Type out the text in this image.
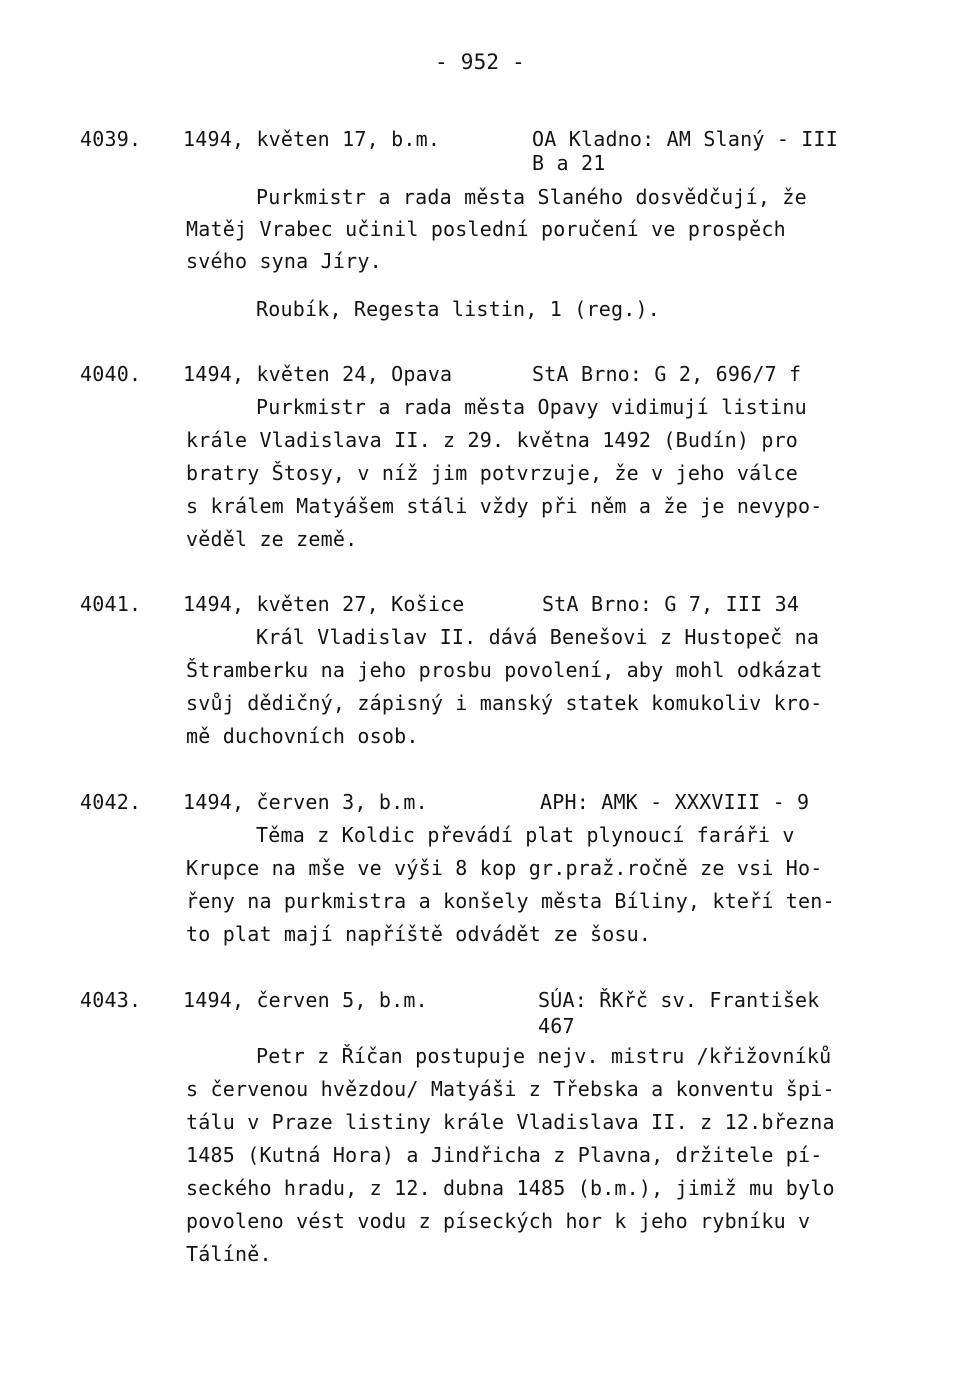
- 952 -
4039. 1494, květen 17, b.m.	OA Kladno: AM Slaný - III
B a 21
Purkmistr a rada města Slaného dosvědčují, že
Matěj Vrabec učinil poslední poručení ve prospěch
svého syna Jíry.
Roubík, Regesta listin, 1 (reg.).
4040. 1494, květen 24, Opava	StA Brno: G 2, 696/7 f
Purkmistr a rada města Opavy vidimují listinu
krále Vladislava II. z 29. května 1492 (Budín) pro
bratry Štosy, v níž jim potvrzuje, že v jeho válce
s králem Matyášem stáli vždy při něm a že je nevypo-
věděl ze země.
4041. 1494, květen 27, Košice	StA Brno: G 7, III 34
Král Vladislav II. dává Benešovi z Hustopeč na
Štramberku na jeho prosbu povolení, aby mohl odkázat
svůj dědičný, zápisný i manský statek komukoliv kro-
mě duchovních osob.
4042. 1494, červen 3, b.m.	APH: AMK - XXXVIII - 9
Těma z Koldic převádí plat plynoucí faráři v
Krupce na mše ve výši 8 kop gr.praž.ročně ze vsi Ho-
řeny na purkmistra a konšely města Bíliny, kteří ten-
to plat mají napříště odvádět ze šosu.
4043. 1494, červen 5, b.m.	SÚA: ŘKřč sv. František
467
Petr z Říčan postupuje nejv. mistru /křižovníků
s červenou hvězdou/ Matyáši z Třebska a konventu špi-
tálu v Praze listiny krále Vladislava II. z 12.března
1485 (Kutná Hora) a Jindřicha z Plavna, držitele pí-
seckého hradu, z 12. dubna 1485 (b.m.), jimiž mu bylo
povoleno vést vodu z píseckých hor k jeho rybníku v
Tálíně.
